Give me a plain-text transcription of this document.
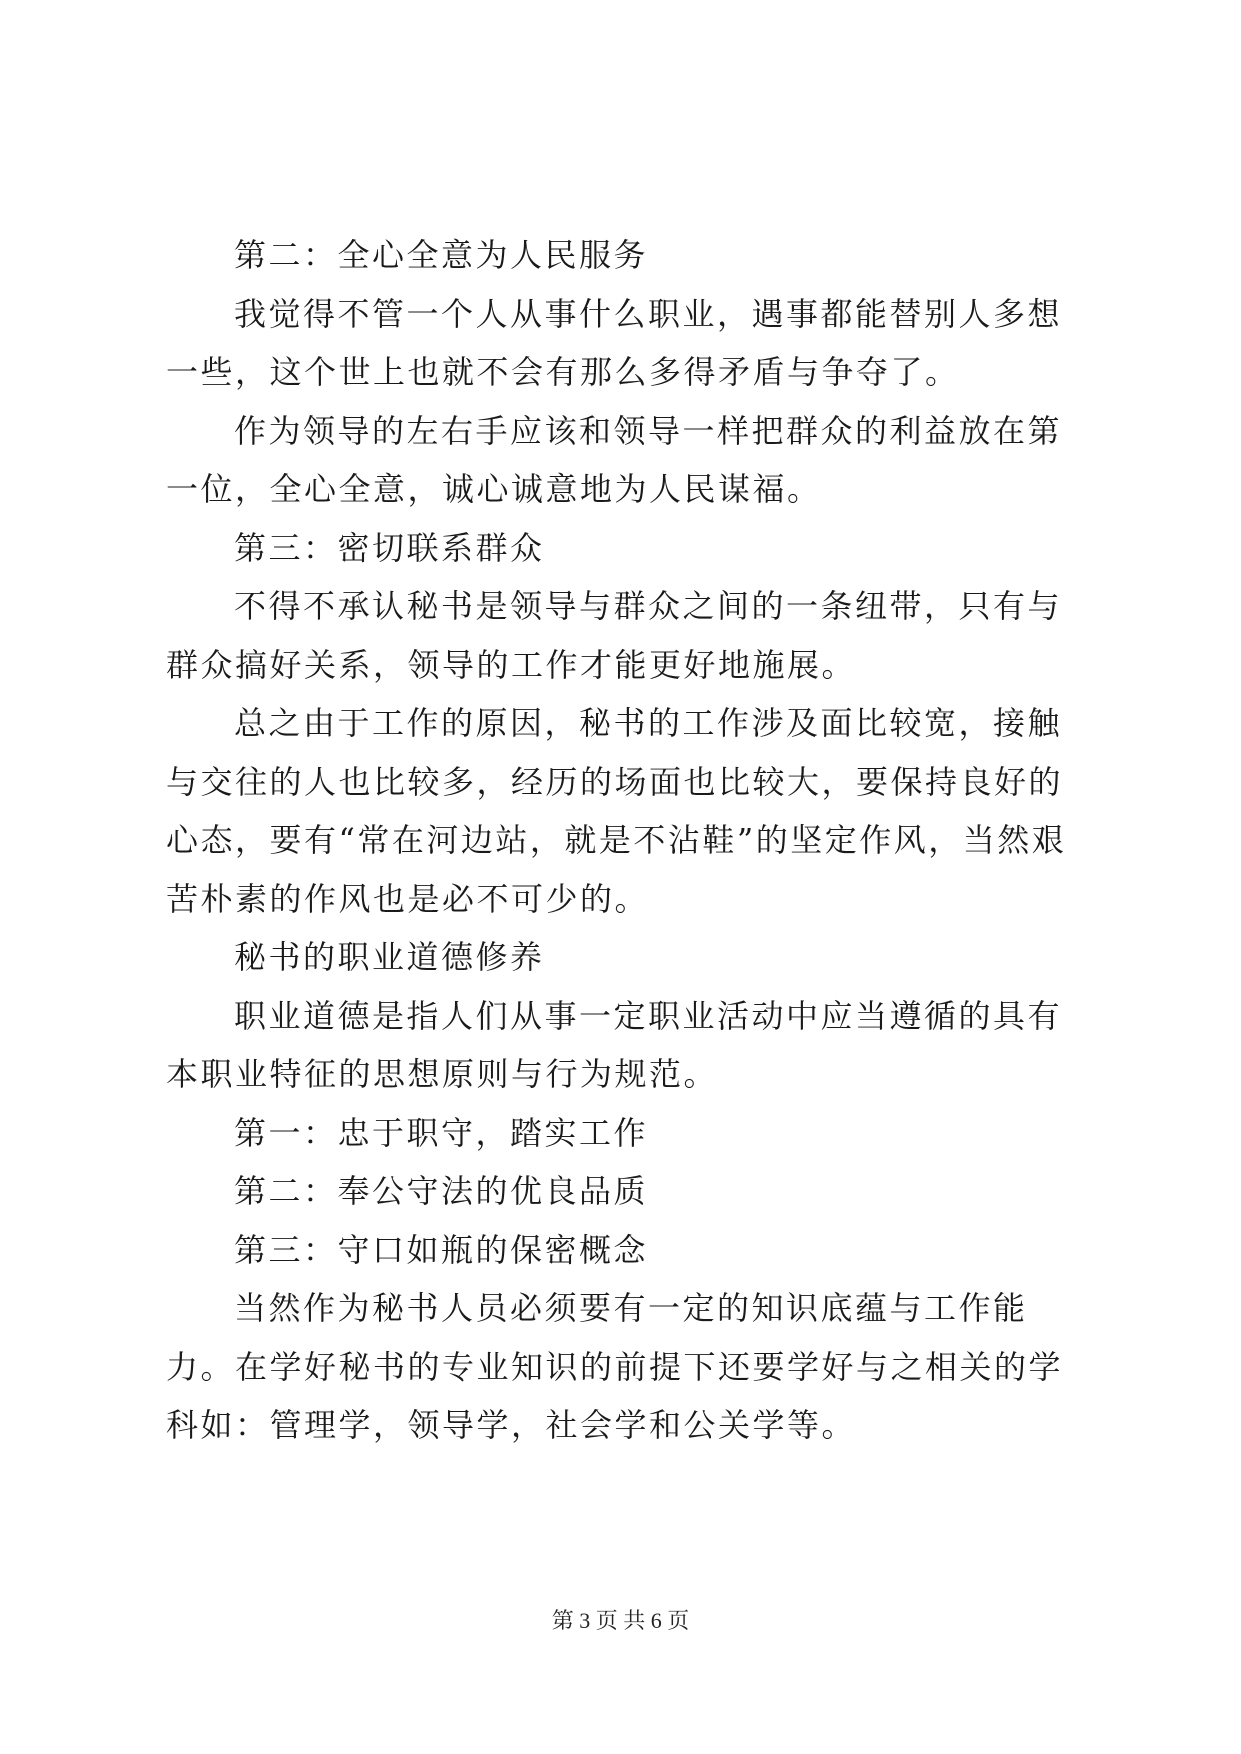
第二：全心全意为人民服务

我觉得不管一个人从事什么职业，遇事都能替别人多想一些，这个世上也就不会有那么多得矛盾与争夺了。

作为领导的左右手应该和领导一样把群众的利益放在第一位，全心全意，诚心诚意地为人民谋福。

第三：密切联系群众

不得不承认秘书是领导与群众之间的一条纽带，只有与群众搞好关系，领导的工作才能更好地施展。

总之由于工作的原因，秘书的工作涉及面比较宽，接触与交往的人也比较多，经历的场面也比较大，要保持良好的心态，要有“常在河边站，就是不沾鞋”的坚定作风，当然艰苦朴素的作风也是必不可少的。

秘书的职业道德修养

职业道德是指人们从事一定职业活动中应当遵循的具有本职业特征的思想原则与行为规范。

第一：忠于职守，踏实工作

第二：奉公守法的优良品质

第三：守口如瓶的保密概念

当然作为秘书人员必须要有一定的知识底蕴与工作能力。在学好秘书的专业知识的前提下还要学好与之相关的学科如：管理学，领导学，社会学和公关学等。

第 3 页 共 6 页
